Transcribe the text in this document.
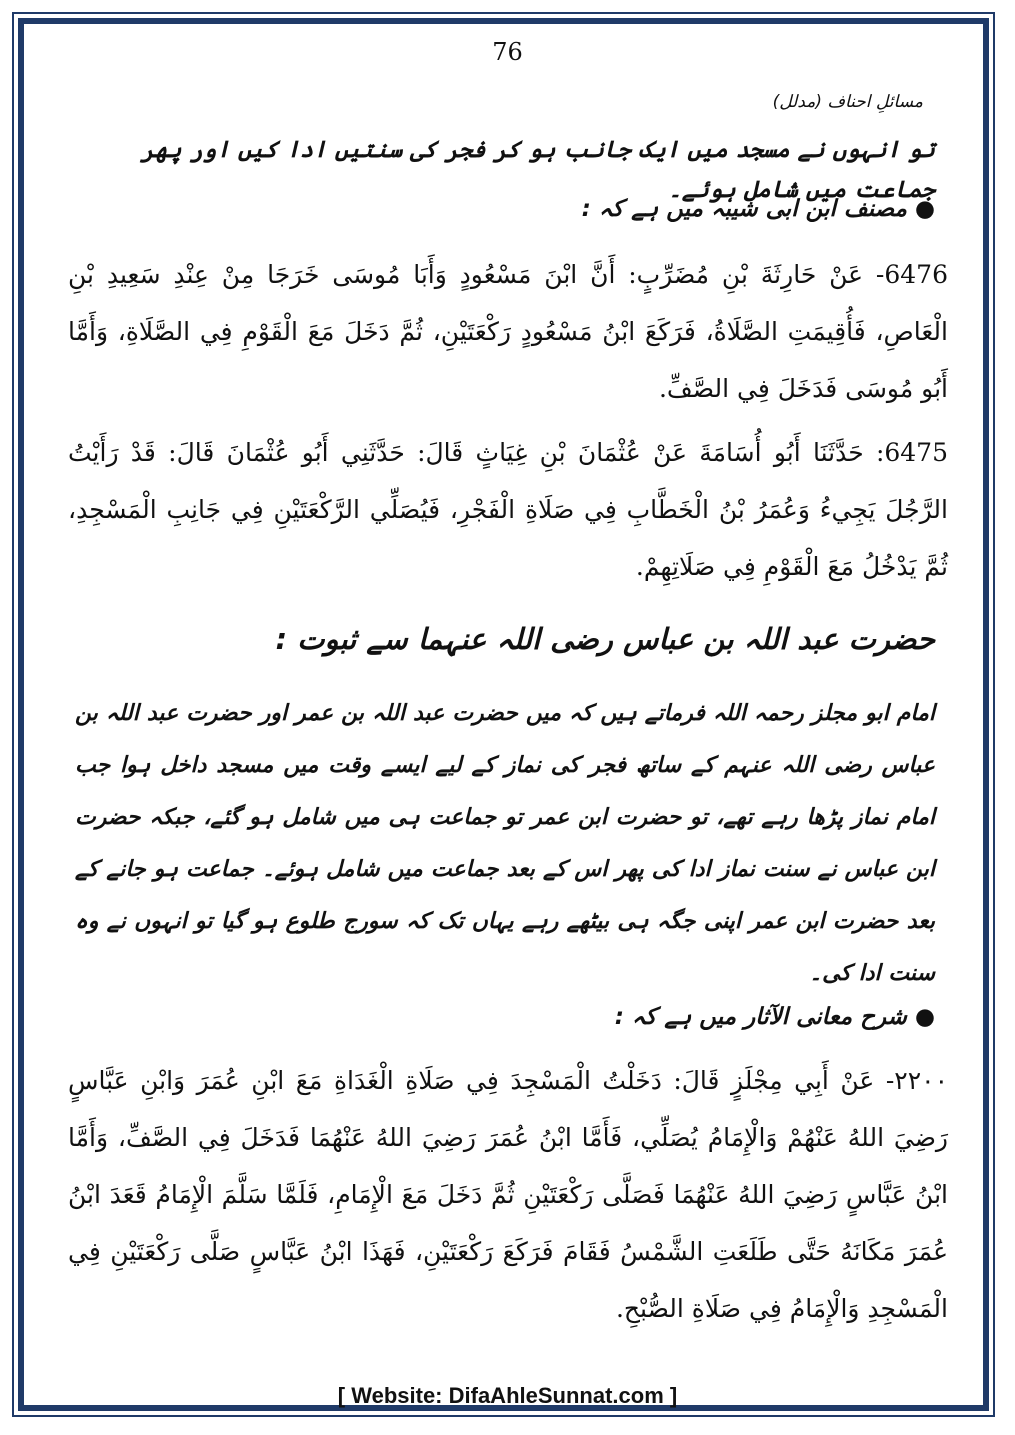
76
مسائلِ احناف (مدلل)
تو انہوں نے مسجد میں ایک جانب ہو کر فجر کی سنتیں ادا کیں اور پھر جماعت میں شامل ہوئے۔
●مصنف ابن ابی شیبہ میں ہے کہ :
6476- عَنْ حَارِثَةَ بْنِ مُضَرِّبٍ: أَنَّ ابْنَ مَسْعُودٍ وَأَبَا مُوسَى خَرَجَا مِنْ عِنْدِ سَعِيدِ بْنِ الْعَاصِ، فَأُقِيمَتِ الصَّلَاةُ، فَرَكَعَ ابْنُ مَسْعُودٍ رَكْعَتَيْنِ، ثُمَّ دَخَلَ مَعَ الْقَوْمِ فِي الصَّلَاةِ، وَأَمَّا أَبُو مُوسَى فَدَخَلَ فِي الصَّفِّ.
6475: حَدَّثَنَا أَبُو أُسَامَةَ عَنْ عُثْمَانَ بْنِ غِيَاثٍ قَالَ: حَدَّثَنِي أَبُو عُثْمَانَ قَالَ: قَدْ رَأَيْتُ الرَّجُلَ يَجِيءُ وَعُمَرُ بْنُ الْخَطَّابِ فِي صَلَاةِ الْفَجْرِ، فَيُصَلِّي الرَّكْعَتَيْنِ فِي جَانِبِ الْمَسْجِدِ، ثُمَّ يَدْخُلُ مَعَ الْقَوْمِ فِي صَلَاتِهِمْ.
حضرت عبد اللہ بن عباس رضی اللہ عنہما سے ثبوت :
امام ابو مجلز رحمہ اللہ فرماتے ہیں کہ میں حضرت عبد اللہ بن عمر اور حضرت عبد اللہ بن عباس رضی اللہ عنہم کے ساتھ فجر کی نماز کے لیے ایسے وقت میں مسجد داخل ہوا جب امام نماز پڑھا رہے تھے، تو حضرت ابن عمر تو جماعت ہی میں شامل ہو گئے، جبکہ حضرت ابن عباس نے سنت نماز ادا کی پھر اس کے بعد جماعت میں شامل ہوئے۔ جماعت ہو جانے کے بعد حضرت ابن عمر اپنی جگہ ہی بیٹھے رہے یہاں تک کہ سورج طلوع ہو گیا تو انہوں نے وہ سنت ادا کی۔
●شرح معانی الآثار میں ہے کہ :
٢٢٠٠- عَنْ أَبِي مِجْلَزٍ قَالَ: دَخَلْتُ الْمَسْجِدَ فِي صَلَاةِ الْغَدَاةِ مَعَ ابْنِ عُمَرَ وَابْنِ عَبَّاسٍ رَضِيَ اللهُ عَنْهُمْ وَالْإِمَامُ يُصَلِّي، فَأَمَّا ابْنُ عُمَرَ رَضِيَ اللهُ عَنْهُمَا فَدَخَلَ فِي الصَّفِّ، وَأَمَّا ابْنُ عَبَّاسٍ رَضِيَ اللهُ عَنْهُمَا فَصَلَّى رَكْعَتَيْنِ ثُمَّ دَخَلَ مَعَ الْإِمَامِ، فَلَمَّا سَلَّمَ الْإِمَامُ قَعَدَ ابْنُ عُمَرَ مَكَانَهُ حَتَّى طَلَعَتِ الشَّمْسُ فَقَامَ فَرَكَعَ رَكْعَتَيْنِ، فَهَذَا ابْنُ عَبَّاسٍ صَلَّى رَكْعَتَيْنِ فِي الْمَسْجِدِ وَالْإِمَامُ فِي صَلَاةِ الصُّبْحِ.
[ Website: DifaAhleSunnat.com ]
